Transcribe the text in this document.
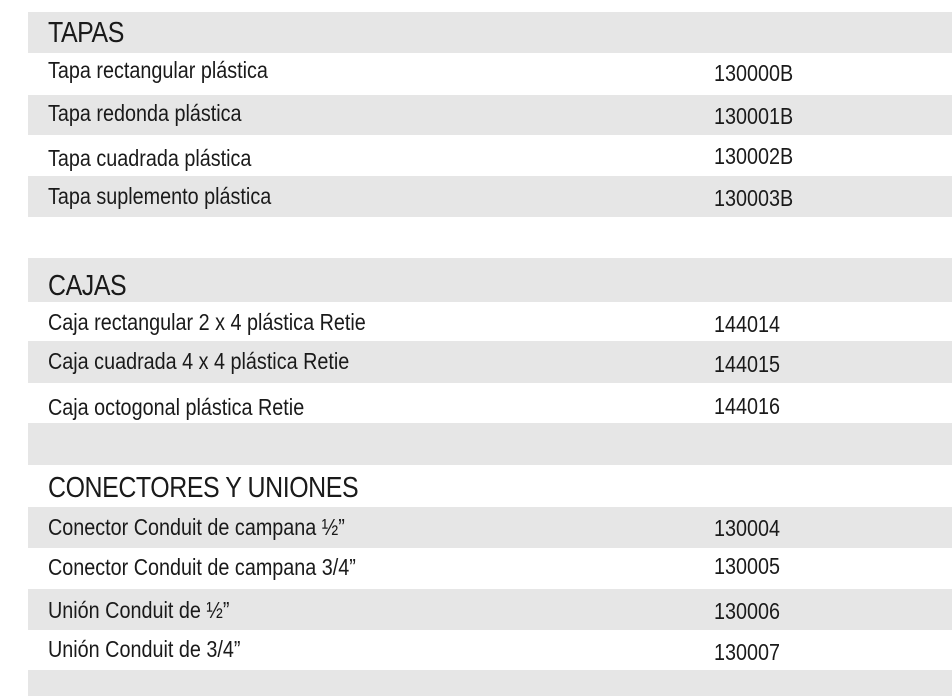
TAPAS
Tapa rectangular plástica	130000B
Tapa redonda plástica	130001B
Tapa cuadrada plástica	130002B
Tapa suplemento plástica	130003B
CAJAS
Caja rectangular 2 x 4 plástica Retie	144014
Caja cuadrada 4 x 4 plástica Retie	144015
Caja octogonal plástica Retie	144016
CONECTORES Y UNIONES
Conector Conduit de campana ½”	130004
Conector Conduit de campana 3/4”	130005
Unión Conduit de ½”	130006
Unión Conduit de 3/4”	130007
